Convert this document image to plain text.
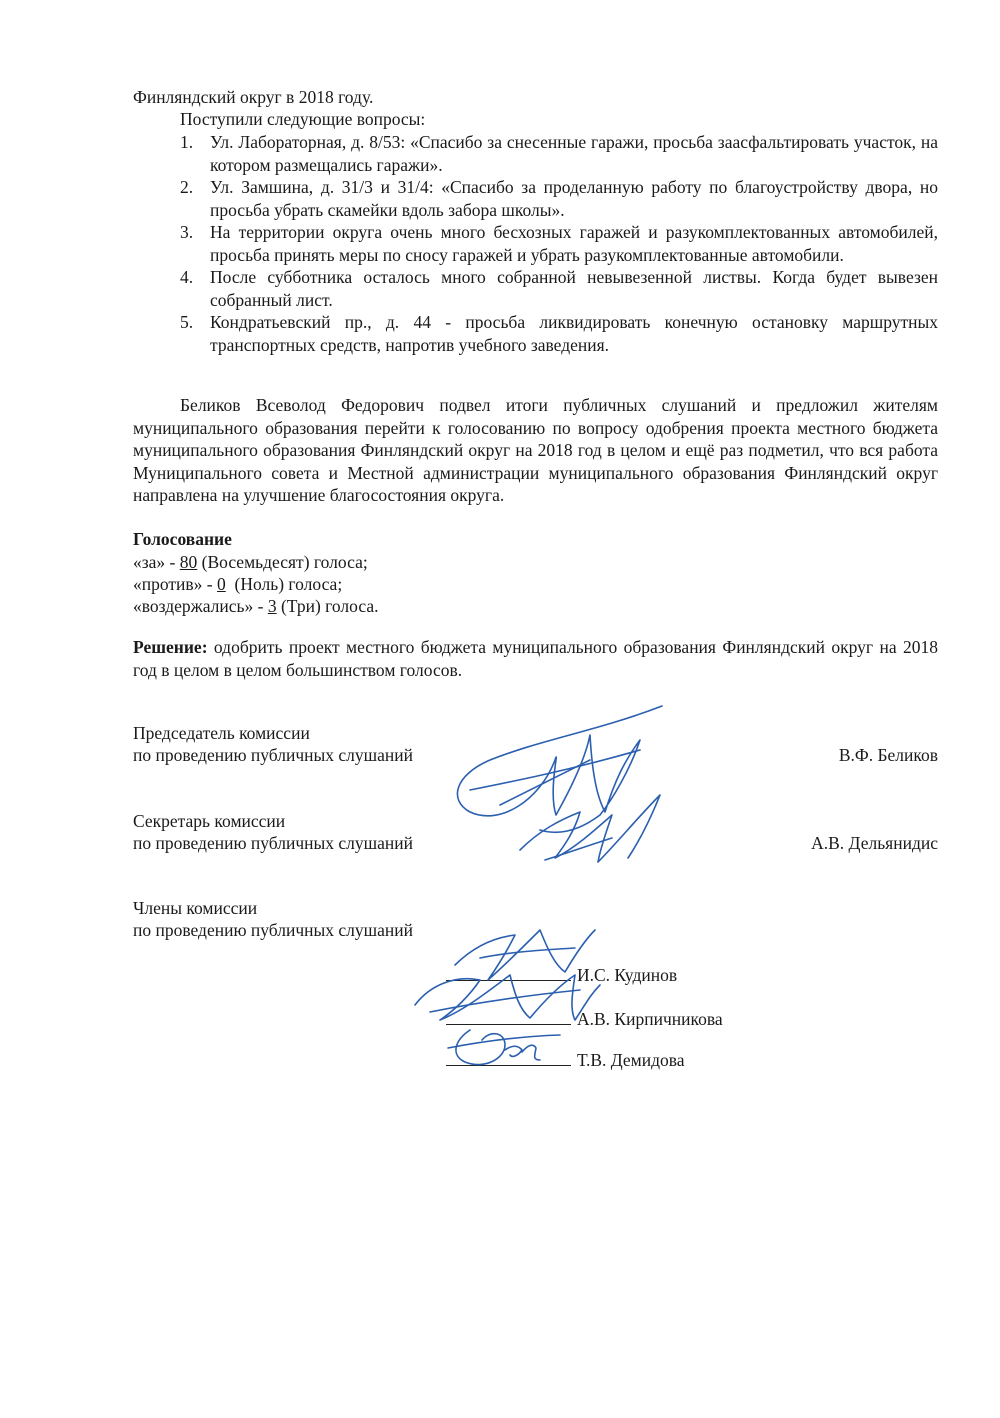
Финляндский округ в 2018 году.
Поступили следующие вопросы:
1. Ул. Лабораторная, д. 8/53: «Спасибо за снесенные гаражи, просьба заасфальтировать участок, на котором размещались гаражи».
2. Ул. Замшина, д. 31/3 и 31/4: «Спасибо за проделанную работу по благоустройству двора, но просьба убрать скамейки вдоль забора школы».
3. На территории округа очень много бесхозных гаражей и разукомплектованных автомобилей, просьба принять меры по сносу гаражей и убрать разукомплектованные автомобили.
4. После субботника осталось много собранной невывезенной листвы. Когда будет вывезен собранный лист.
5. Кондратьевский пр., д. 44 - просьба ликвидировать конечную остановку маршрутных транспортных средств, напротив учебного заведения.

Беликов Всеволод Федорович подвел итоги публичных слушаний и предложил жителям муниципального образования перейти к голосованию по вопросу одобрения проекта местного бюджета муниципального образования Финляндский округ на 2018 год в целом и ещё раз подметил, что вся работа Муниципального совета и Местной администрации муниципального образования Финляндский округ направлена на улучшение благосостояния округа.

Голосование
«за» - 80 (Восемьдесят) голоса;
«против» - 0  (Ноль) голоса;
«воздержались» - 3 (Три) голоса.

Решение: одобрить проект местного бюджета муниципального образования Финляндский округ на 2018 год в целом в целом большинством голосов.

Председатель комиссии
по проведению публичных слушаний	В.Ф. Беликов
Секретарь комиссии
по проведению публичных слушаний	А.В. Дельянидис
Члены комиссии
по проведению публичных слушаний
И.С. Кудинов
А.В. Кирпичникова
Т.В. Демидова
